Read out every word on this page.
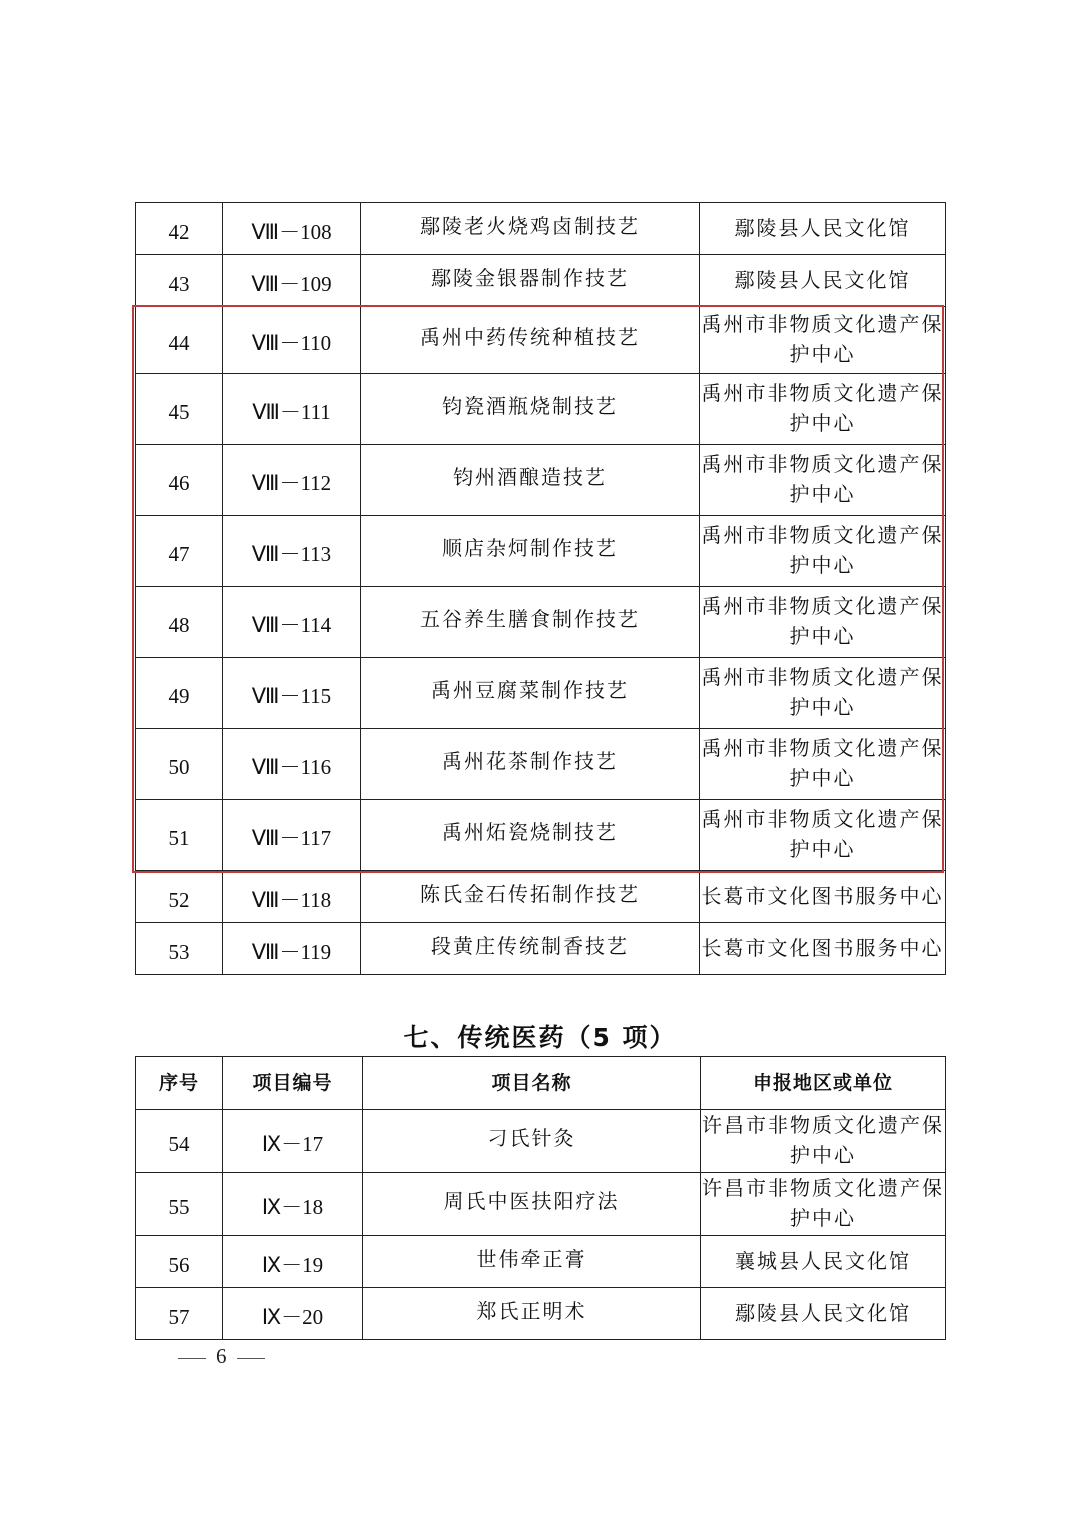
42	Ⅷ－108	鄢陵老火烧鸡卤制技艺	鄢陵县人民文化馆
43	Ⅷ－109	鄢陵金银器制作技艺	鄢陵县人民文化馆
44	Ⅷ－110	禹州中药传统种植技艺	禹州市非物质文化遗产保护中心
45	Ⅷ－111	钧瓷酒瓶烧制技艺	禹州市非物质文化遗产保护中心
46	Ⅷ－112	钧州酒酿造技艺	禹州市非物质文化遗产保护中心
47	Ⅷ－113	顺店杂炣制作技艺	禹州市非物质文化遗产保护中心
48	Ⅷ－114	五谷养生膳食制作技艺	禹州市非物质文化遗产保护中心
49	Ⅷ－115	禹州豆腐菜制作技艺	禹州市非物质文化遗产保护中心
50	Ⅷ－116	禹州花茶制作技艺	禹州市非物质文化遗产保护中心
51	Ⅷ－117	禹州炻瓷烧制技艺	禹州市非物质文化遗产保护中心
52	Ⅷ－118	陈氏金石传拓制作技艺	长葛市文化图书服务中心
53	Ⅷ－119	段黄庄传统制香技艺	长葛市文化图书服务中心
七、传统医药（5 项）
序号	项目编号	项目名称	申报地区或单位
54	Ⅸ－17	刁氏针灸	许昌市非物质文化遗产保护中心
55	Ⅸ－18	周氏中医扶阳疗法	许昌市非物质文化遗产保护中心
56	Ⅸ－19	世伟牵正膏	襄城县人民文化馆
57	Ⅸ－20	郑氏正明术	鄢陵县人民文化馆
6
